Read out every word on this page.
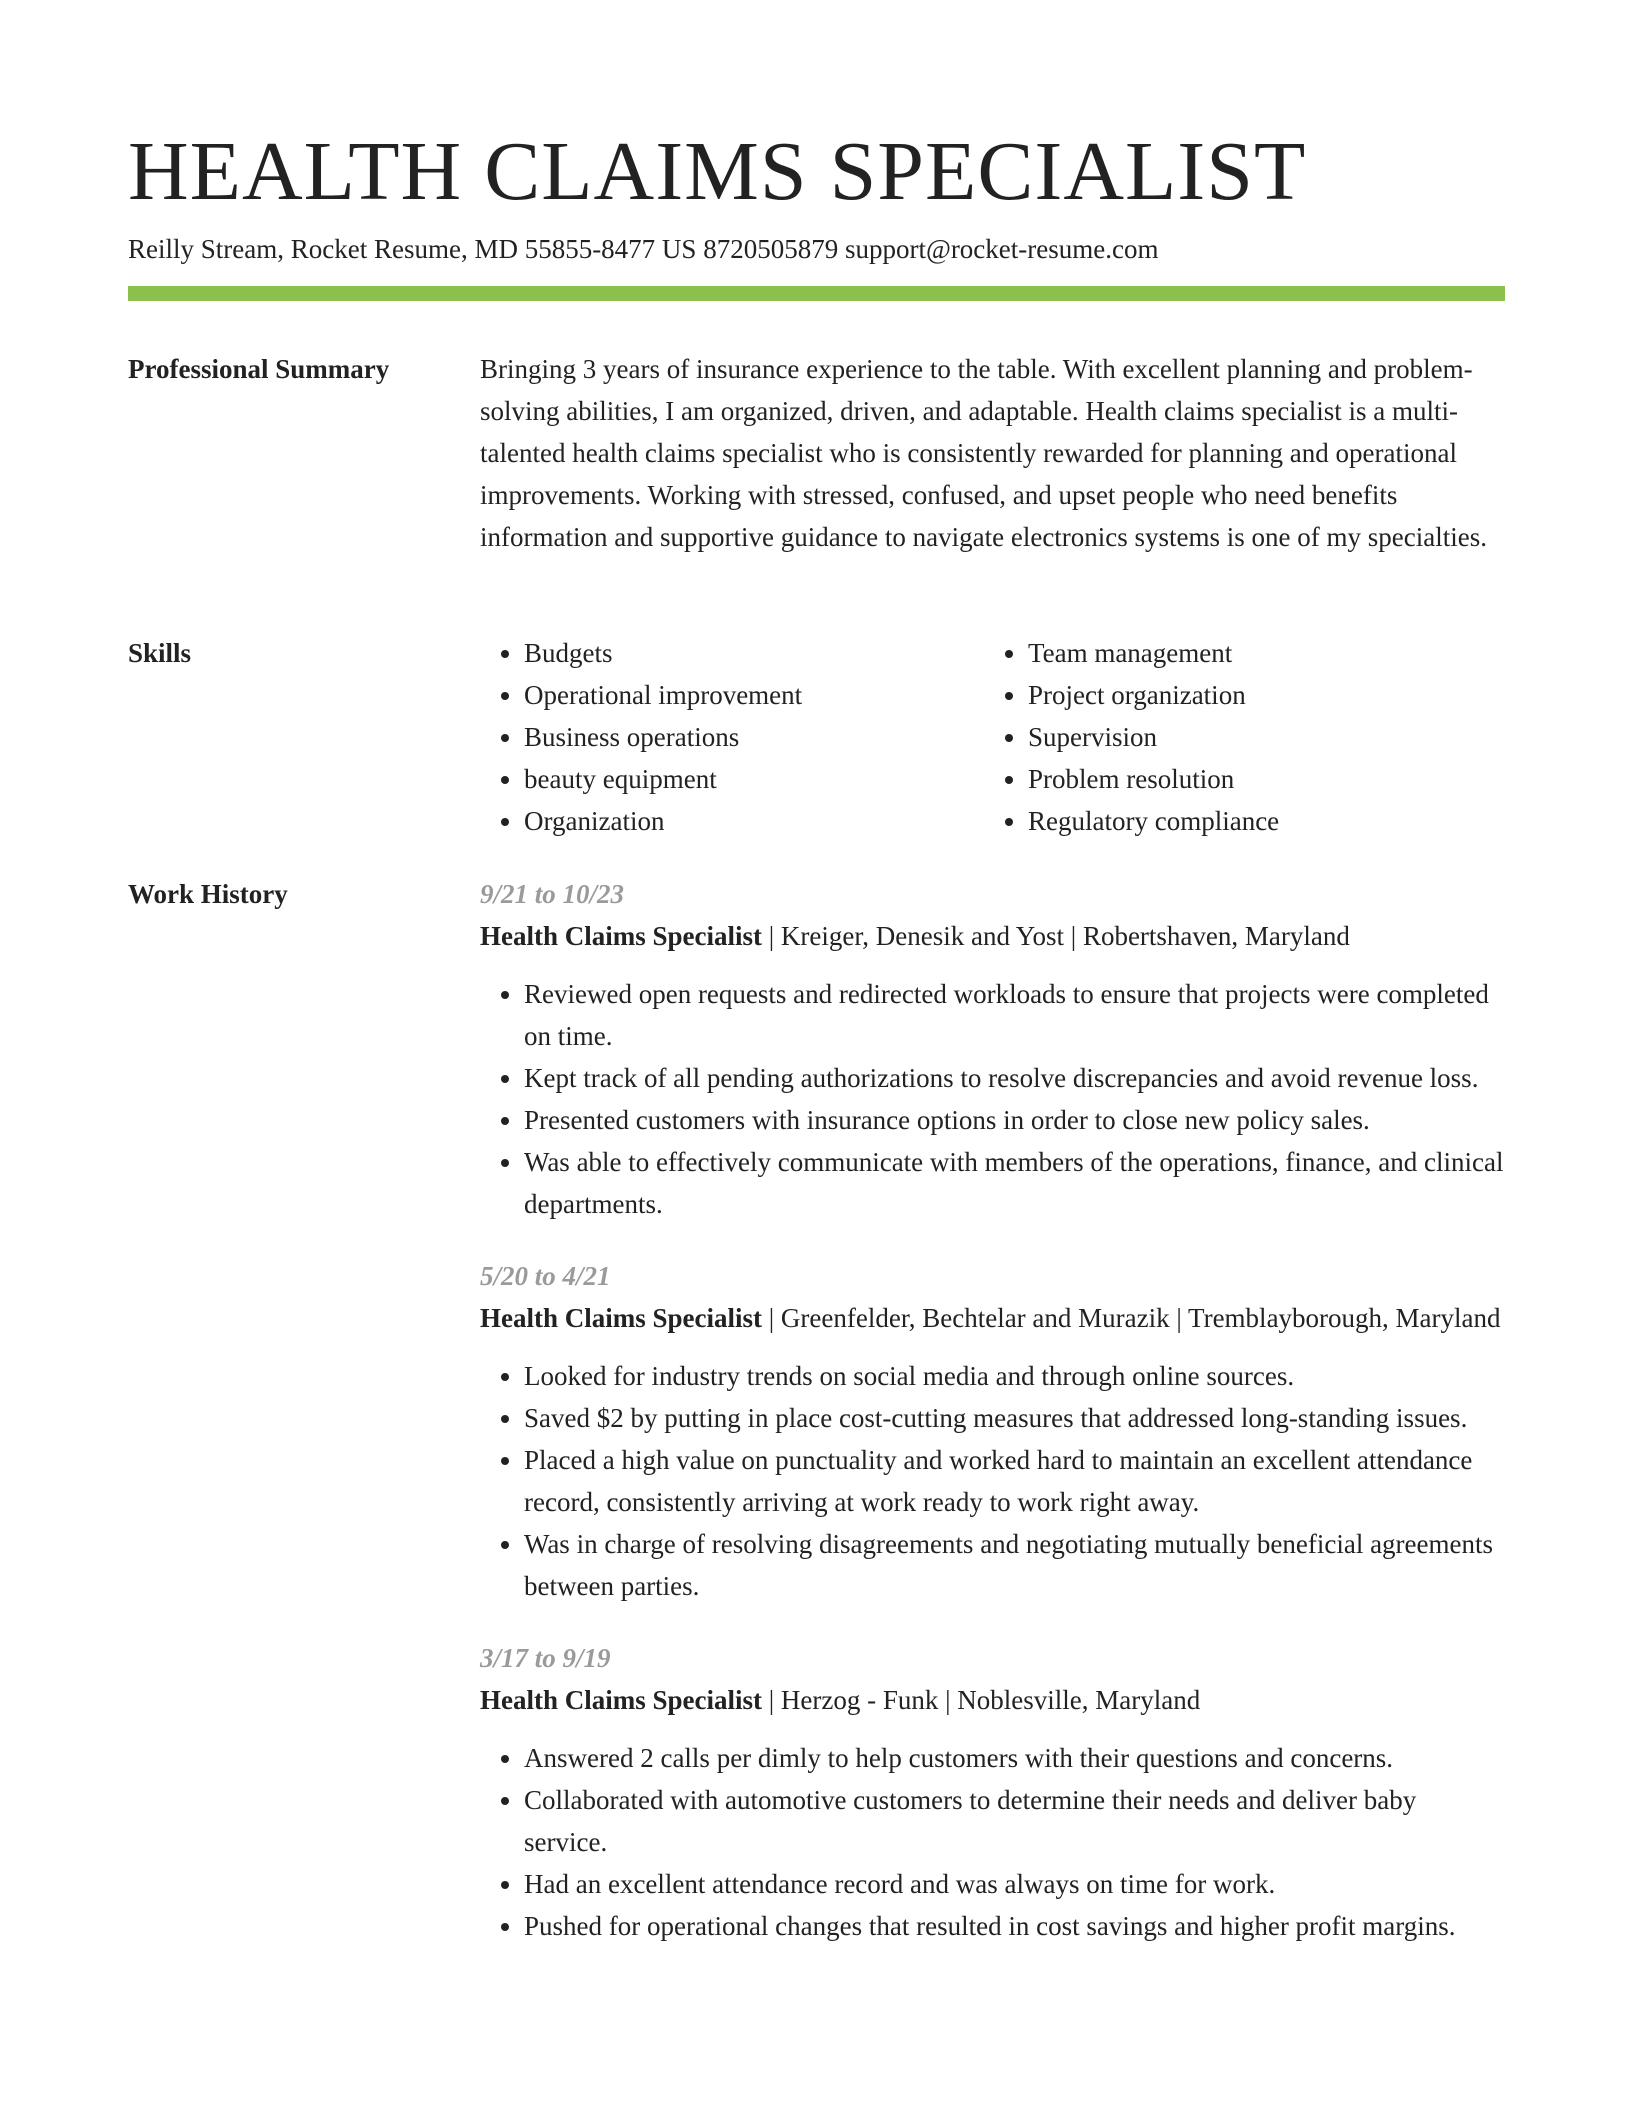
HEALTH CLAIMS SPECIALIST
Reilly Stream, Rocket Resume, MD 55855-8477 US 8720505879 support@rocket-resume.com
Professional Summary	Bringing 3 years of insurance experience to the table. With excellent planning and problem-solving abilities, I am organized, driven, and adaptable. Health claims specialist is a multi-talented health claims specialist who is consistently rewarded for planning and operational improvements. Working with stressed, confused, and upset people who need benefits information and supportive guidance to navigate electronics systems is one of my specialties.

Skills
•	Budgets
• Operational improvement
• Business operations
• beauty equipment
• Organization
• Team management
• Project organization
• Supervision
• Problem resolution
• Regulatory compliance
Work History	9/21 to 10/23
Health Claims Specialist | Kreiger, Denesik and Yost | Robertshaven, Maryland
• Reviewed open requests and redirected workloads to ensure that projects were completed on time.
• Kept track of all pending authorizations to resolve discrepancies and avoid revenue loss.
• Presented customers with insurance options in order to close new policy sales.
• Was able to effectively communicate with members of the operations, finance, and clinical departments.
5/20 to 4/21
Health Claims Specialist | Greenfelder, Bechtelar and Murazik | Tremblayborough, Maryland
• Looked for industry trends on social media and through online sources.
• Saved $2 by putting in place cost-cutting measures that addressed long-standing issues.
• Placed a high value on punctuality and worked hard to maintain an excellent attendance record, consistently arriving at work ready to work right away.
• Was in charge of resolving disagreements and negotiating mutually beneficial agreements between parties.
3/17 to 9/19
Health Claims Specialist | Herzog - Funk | Noblesville, Maryland
• Answered 2 calls per dimly to help customers with their questions and concerns.
• Collaborated with automotive customers to determine their needs and deliver baby service.
• Had an excellent attendance record and was always on time for work.
• Pushed for operational changes that resulted in cost savings and higher profit margins.
